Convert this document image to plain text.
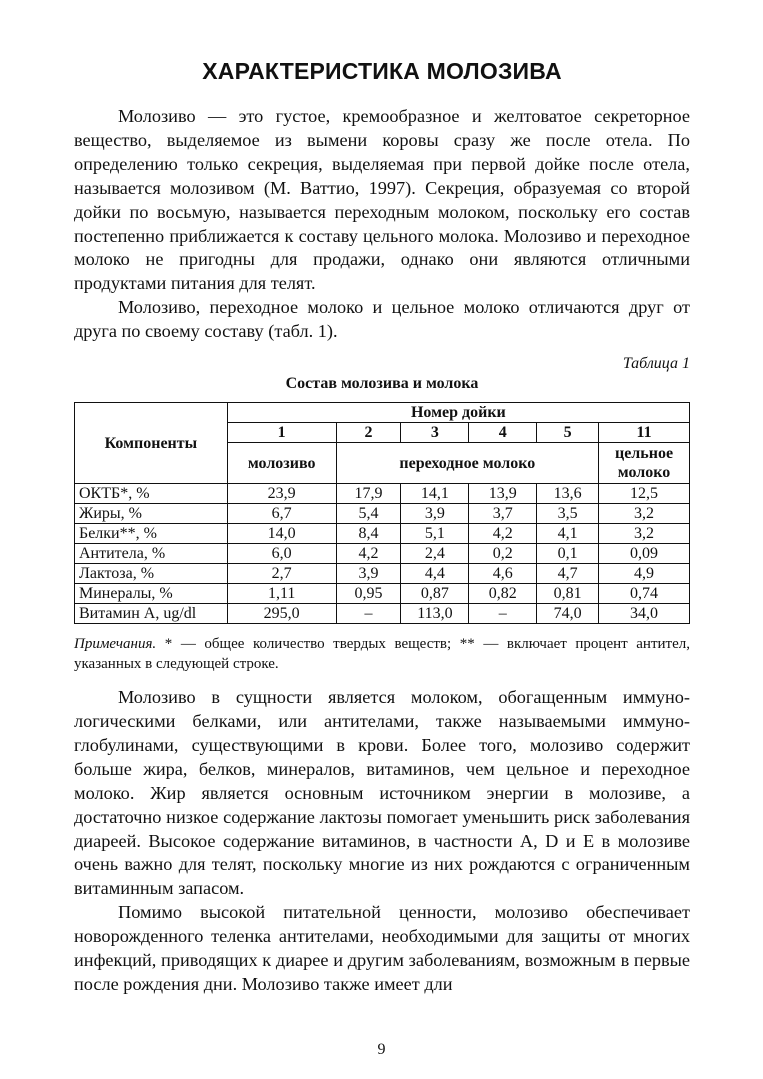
ХАРАКТЕРИСТИКА МОЛОЗИВА

Молозиво — это густое, кремообразное и желтоватое секреторное вещество, выделяемое из вымени коровы сразу же после отела. По определению только секреция, выделяемая при первой дойке после отела, называется молозивом (М. Ваттио, 1997). Секреция, образуемая со второй дойки по восьмую, называется переходным молоком, поскольку его состав постепенно приближается к составу цельного молока. Молозиво и переходное молоко не пригодны для продажи, однако они являются отличными продуктами питания для телят.

Молозиво, переходное молоко и цельное молоко отличаются друг от друга по своему составу (табл. 1).

Таблица 1
Состав молозива и молока
Компоненты	Номер дойки					
	1	2	3	4	5	11
	молозиво	переходное молоко				цельное молоко
ОКТБ*, %	23,9	17,9	14,1	13,9	13,6	12,5
Жиры, %	6,7	5,4	3,9	3,7	3,5	3,2
Белки**, %	14,0	8,4	5,1	4,2	4,1	3,2
Антитела, %	6,0	4,2	2,4	0,2	0,1	0,09
Лактоза, %	2,7	3,9	4,4	4,6	4,7	4,9
Минералы, %	1,11	0,95	0,87	0,82	0,81	0,74
Витамин А, ug/dl	295,0	–	113,0	–	74,0	34,0
Примечания. * — общее количество твердых веществ; ** — включает процент антител, указанных в следующей строке.

Молозиво в сущности является молоком, обогащенным иммунологическими белками, или антителами, также называемыми иммуноглобулинами, существующими в крови. Более того, молозиво содержит больше жира, белков, минералов, витаминов, чем цельное и переходное молоко. Жир является основным источником энергии в молозиве, а достаточно низкое содержание лактозы помогает уменьшить риск заболевания диареей. Высокое содержание витаминов, в частности А, D и Е в молозиве очень важно для телят, поскольку многие из них рождаются с ограниченным витаминным запасом.

Помимо высокой питательной ценности, молозиво обеспечивает новорожденного теленка антителами, необходимыми для защиты от многих инфекций, приводящих к диарее и другим заболеваниям, возможным в первые после рождения дни. Молозиво также имеет дли

9
